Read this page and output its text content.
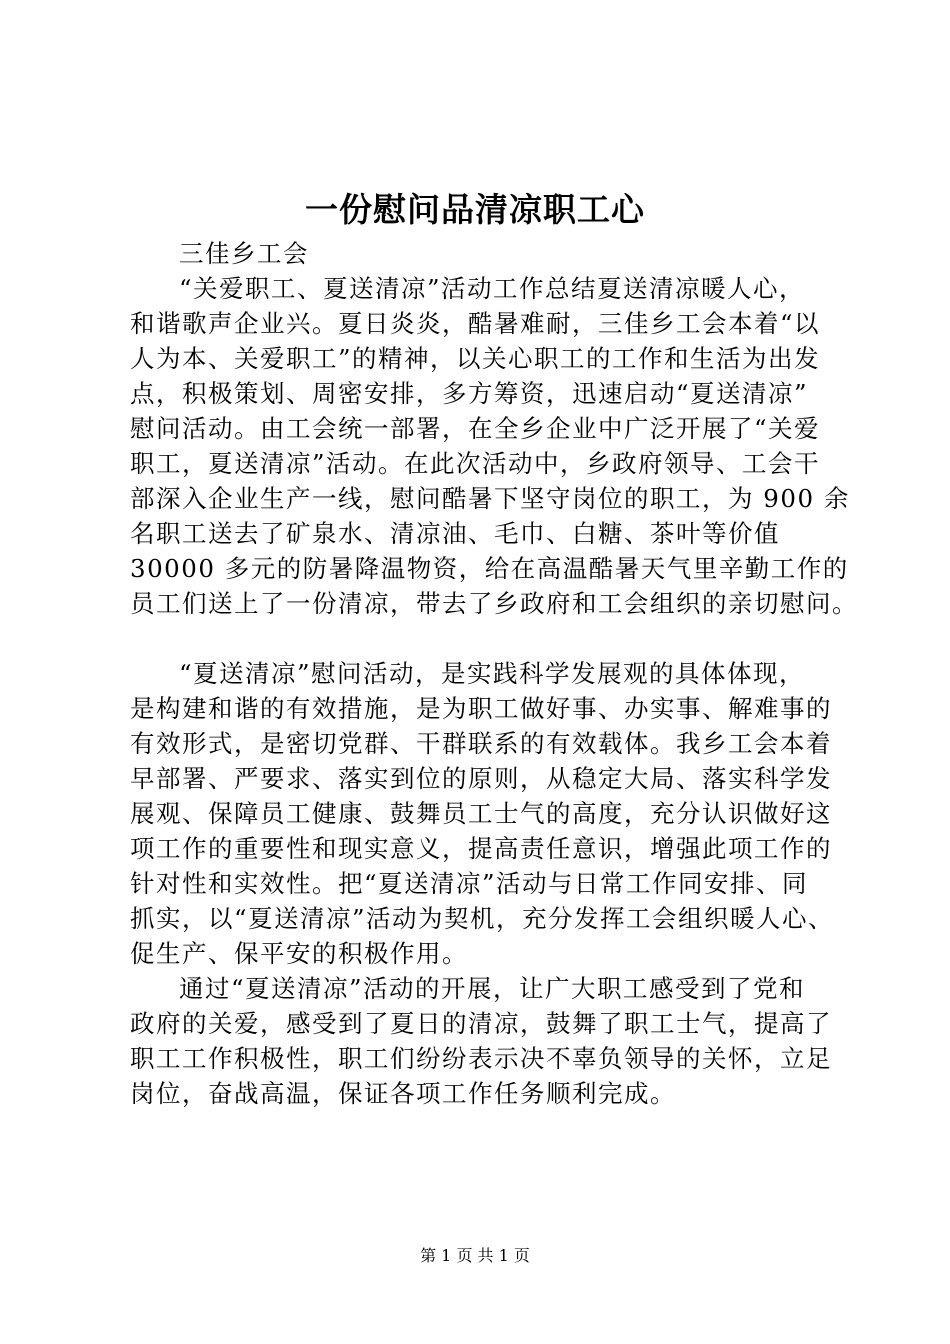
一份慰问品清凉职工心
三佳乡工会
“关爱职工、夏送清凉”活动工作总结夏送清凉暖人心，
和谐歌声企业兴。夏日炎炎，酷暑难耐，三佳乡工会本着“以
人为本、关爱职工”的精神，以关心职工的工作和生活为出发
点，积极策划、周密安排，多方筹资，迅速启动“夏送清凉”
慰问活动。由工会统一部署，在全乡企业中广泛开展了“关爱
职工，夏送清凉”活动。在此次活动中，乡政府领导、工会干
部深入企业生产一线，慰问酷暑下坚守岗位的职工，为 900 余
名职工送去了矿泉水、清凉油、毛巾、白糖、茶叶等价值
30000 多元的防暑降温物资，给在高温酷暑天气里辛勤工作的
员工们送上了一份清凉，带去了乡政府和工会组织的亲切慰问。
“夏送清凉”慰问活动，是实践科学发展观的具体体现，
是构建和谐的有效措施，是为职工做好事、办实事、解难事的
有效形式，是密切党群、干群联系的有效载体。我乡工会本着
早部署、严要求、落实到位的原则，从稳定大局、落实科学发
展观、保障员工健康、鼓舞员工士气的高度，充分认识做好这
项工作的重要性和现实意义，提高责任意识，增强此项工作的
针对性和实效性。把“夏送清凉”活动与日常工作同安排、同
抓实，以“夏送清凉”活动为契机，充分发挥工会组织暖人心、
促生产、保平安的积极作用。
通过“夏送清凉”活动的开展，让广大职工感受到了党和
政府的关爱，感受到了夏日的清凉，鼓舞了职工士气，提高了
职工工作积极性，职工们纷纷表示决不辜负领导的关怀，立足
岗位，奋战高温，保证各项工作任务顺利完成。
第 1 页 共 1 页
